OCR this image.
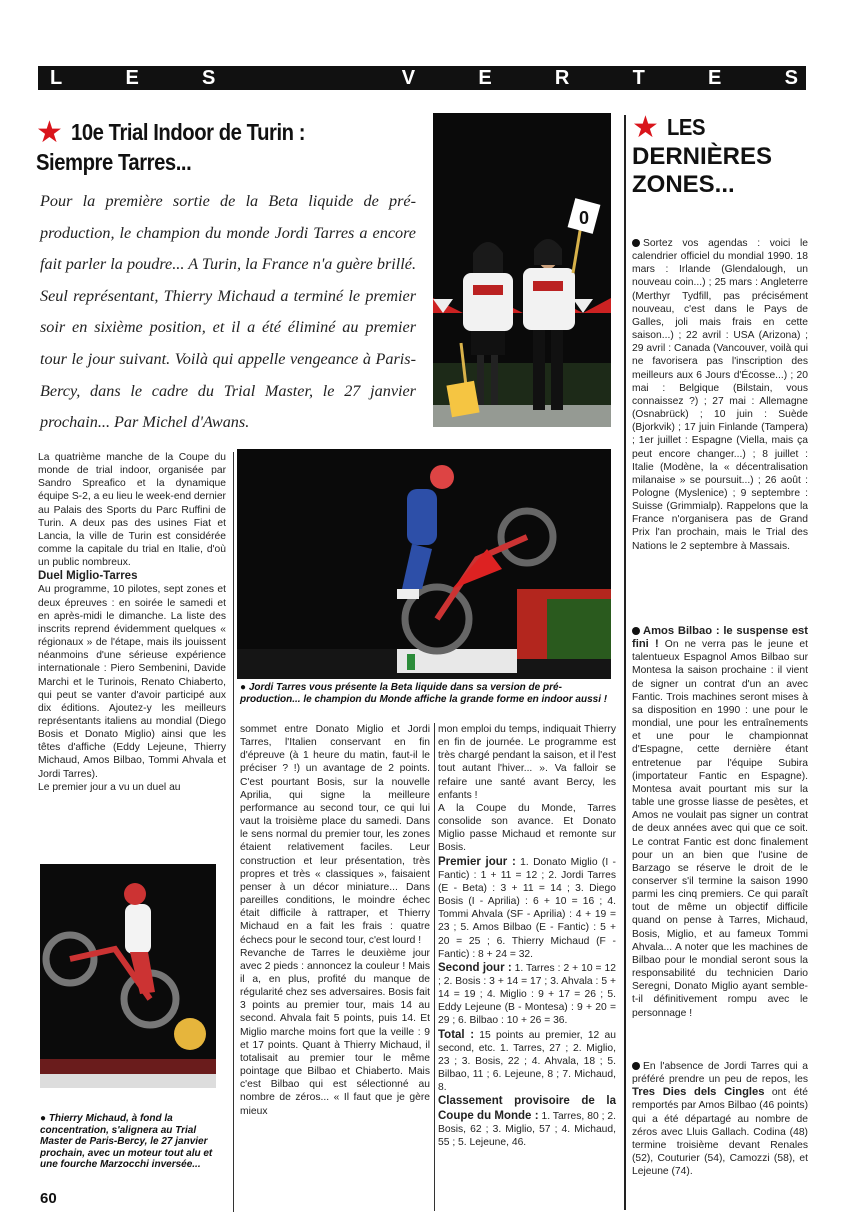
L	E	S	V	E	R	T	E	S
★ 10e Trial Indoor de Turin :
Siempre Tarres...

Pour la première sortie de la Beta liquide de pré-production, le champion du monde Jordi Tarres a encore fait parler la poudre... A Turin, la France n'a guère brillé. Seul représentant, Thierry Michaud a terminé le premier soir en sixième position, et il a été éliminé au premier tour le jour suivant. Voilà qui appelle vengeance à Paris-Bercy, dans le cadre du Trial Master, le 27 janvier prochain... Par Michel d'Awans.

0

● Jordi Tarres vous présente la Beta liquide dans sa version de pré-production... le champion du Monde affiche la grande forme en indoor aussi !

● Thierry Michaud, à fond la concentration, s'alignera au Trial Master de Paris-Bercy, le 27 janvier prochain, avec un moteur tout alu et une fourche Marzocchi inversée...

La quatrième manche de la Coupe du monde de trial indoor, organisée par Sandro Spreafico et la dynamique équipe S-2, a eu lieu le week-end dernier au Palais des Sports du Parc Ruffini de Turin. A deux pas des usines Fiat et Lancia, la ville de Turin est considérée comme la capitale du trial en Italie, d'où un public nombreux.

Duel Miglio-Tarres

Au programme, 10 pilotes, sept zones et deux épreuves : en soirée le samedi et en après-midi le dimanche. La liste des inscrits reprend évidemment quelques « régionaux » de l'étape, mais ils jouissent néanmoins d'une sérieuse expérience internationale : Piero Sembenini, Davide Marchi et le Turinois, Renato Chiaberto, qui peut se vanter d'avoir participé aux dix éditions. Ajoutez-y les meilleurs représentants italiens au mondial (Diego Bosis et Donato Miglio) ainsi que les têtes d'affiche (Eddy Lejeune, Thierry Michaud, Amos Bilbao, Tommi Ahvala et Jordi Tarres).

Le premier jour a vu un duel au

sommet entre Donato Miglio et Jordi Tarres, l'Italien conservant en fin d'épreuve (à 1 heure du matin, faut-il le préciser ? !) un avantage de 2 points. C'est pourtant Bosis, sur la nouvelle Aprilia, qui signe la meilleure performance au second tour, ce qui lui vaut la troisième place du samedi. Dans le sens normal du premier tour, les zones étaient relativement faciles. Leur construction et leur présentation, très propres et très « classiques », faisaient penser à un décor miniature... Dans pareilles conditions, le moindre échec était difficile à rattraper, et Thierry Michaud en a fait les frais : quatre échecs pour le second tour, c'est lourd !

Revanche de Tarres le deuxième jour avec 2 pieds : annoncez la couleur ! Mais il a, en plus, profité du manque de régularité chez ses adversaires. Bosis fait 3 points au premier tour, mais 14 au second. Ahvala fait 5 points, puis 14. Et Miglio marche moins fort que la veille : 9 et 17 points. Quant à Thierry Michaud, il totalisait au premier tour le même pointage que Bilbao et Chiaberto. Mais c'est Bilbao qui est sélectionné au nombre de zéros... « Il faut que je gère mieux

mon emploi du temps, indiquait Thierry en fin de journée. Le programme est très chargé pendant la saison, et il l'est tout autant l'hiver... ». Va falloir se refaire une santé avant Bercy, les enfants !

A la Coupe du Monde, Tarres consolide son avance. Et Donato Miglio passe Michaud et remonte sur Bosis.

Premier jour : 1. Donato Miglio (I - Fantic) : 1 + 11 = 12 ; 2. Jordi Tarres (E - Beta) : 3 + 11 = 14 ; 3. Diego Bosis (I - Aprilia) : 6 + 10 = 16 ; 4. Tommi Ahvala (SF - Aprilia) : 4 + 19 = 23 ; 5. Amos Bilbao (E - Fantic) : 5 + 20 = 25 ; 6. Thierry Michaud (F - Fantic) : 8 + 24 = 32.

Second jour : 1. Tarres : 2 + 10 = 12 ; 2. Bosis : 3 + 14 = 17 ; 3. Ahvala : 5 + 14 = 19 ; 4. Miglio : 9 + 17 = 26 ; 5. Eddy Lejeune (B - Montesa) : 9 + 20 = 29 ; 6. Bilbao : 10 + 26 = 36.

Total : 15 points au premier, 12 au second, etc. 1. Tarres, 27 ; 2. Miglio, 23 ; 3. Bosis, 22 ; 4. Ahvala, 18 ; 5. Bilbao, 11 ; 6. Lejeune, 8 ; 7. Michaud, 8.

Classement provisoire de la Coupe du Monde : 1. Tarres, 80 ; 2. Bosis, 62 ; 3. Miglio, 57 ; 4. Michaud, 55 ; 5. Lejeune, 46.

★ LES
DERNIÈRES
ZONES...

Sortez vos agendas : voici le calendrier officiel du mondial 1990. 18 mars : Irlande (Glendalough, un nouveau coin...) ; 25 mars : Angleterre (Merthyr Tydfill, pas précisément nouveau, c'est dans le Pays de Galles, joli mais frais en cette saison...) ; 22 avril : USA (Arizona) ; 29 avril : Canada (Vancouver, voilà qui ne favorisera pas l'inscription des meilleurs aux 6 Jours d'Écosse...) ; 20 mai : Belgique (Bilstain, vous connaissez ?) ; 27 mai : Allemagne (Osnabrück) ; 10 juin : Suède (Bjorkvik) ; 17 juin Finlande (Tampera) ; 1er juillet : Espagne (Viella, mais ça peut encore changer...) ; 8 juillet : Italie (Modène, la « décentralisation milanaise » se poursuit...) ; 26 août : Pologne (Myslenice) ; 9 septembre : Suisse (Grimmialp). Rappelons que la France n'organisera pas de Grand Prix l'an prochain, mais le Trial des Nations le 2 septembre à Massais.

Amos Bilbao : le suspense est fini ! On ne verra pas le jeune et talentueux Espagnol Amos Bilbao sur Montesa la saison prochaine : il vient de signer un contrat d'un an avec Fantic. Trois machines seront mises à sa disposition en 1990 : une pour le mondial, une pour les entraînements et une pour le championnat d'Espagne, cette dernière étant entretenue par l'équipe Subira (importateur Fantic en Espagne). Montesa avait pourtant mis sur la table une grosse liasse de pesètes, et Amos ne voulait pas signer un contrat de deux années avec qui que ce soit. Le contrat Fantic est donc finalement pour un an bien que l'usine de Barzago se réserve le droit de le conserver s'il termine la saison 1990 parmi les cinq premiers. Ce qui paraît tout de même un objectif difficile quand on pense à Tarres, Michaud, Bosis, Miglio, et au fameux Tommi Ahvala... A noter que les machines de Bilbao pour le mondial seront sous la responsabilité du technicien Dario Seregni, Donato Miglio ayant semble-t-il définitivement rompu avec le personnage !

En l'absence de Jordi Tarres qui a préféré prendre un peu de repos, les Tres Dies dels Cingles ont été remportés par Amos Bilbao (46 points) qui a été départagé au nombre de zéros avec Lluis Gallach. Codina (48) termine troisième devant Renales (52), Couturier (54), Camozzi (58), et Lejeune (74).

60
